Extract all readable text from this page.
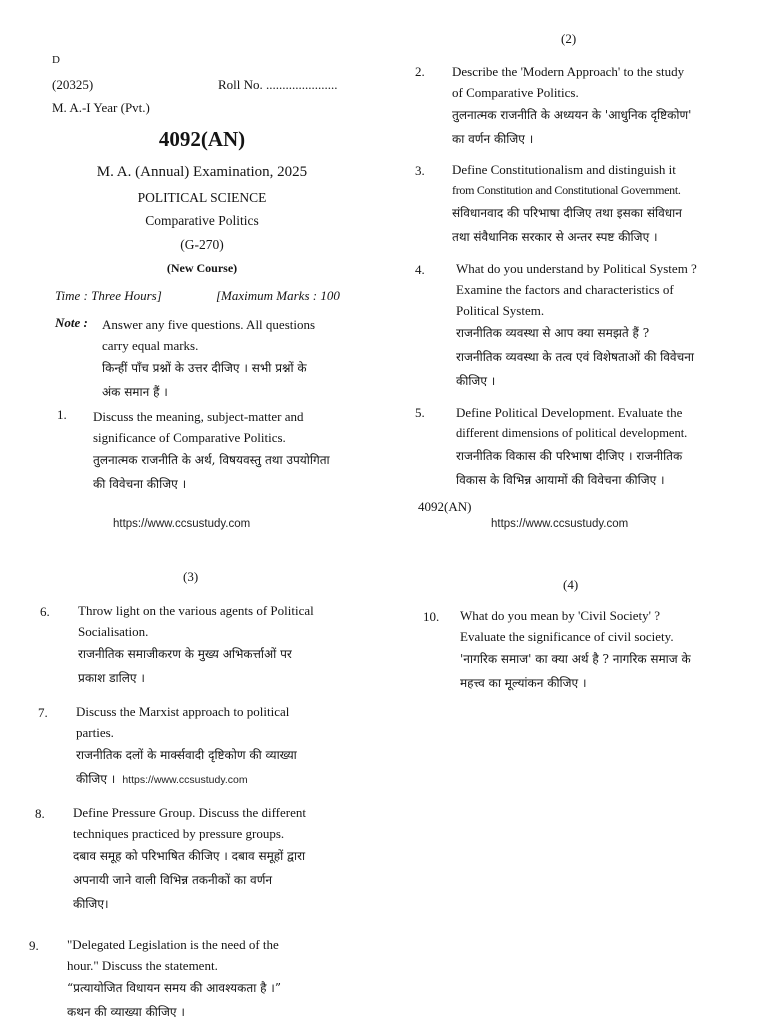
D
(20325)	Roll No. ......................
M. A.-I Year (Pvt.)
4092(AN)
M. A. (Annual) Examination, 2025
POLITICAL SCIENCE
Comparative Politics
(G-270)
(New Course)
Time : Three Hours]	[Maximum Marks : 100
Note : Answer any five questions. All questions
carry equal marks.
किन्हीं पाँच प्रश्नों के उत्तर दीजिए । सभी प्रश्नों के
अंक समान हैं ।
1. Discuss the meaning, subject-matter and
significance of Comparative Politics.
तुलनात्मक राजनीति के अर्थ, विषयवस्तु तथा उपयोगिता
की विवेचना कीजिए ।
https://www.ccsustudy.com
(2)
2. Describe the 'Modern Approach' to the study
of Comparative Politics.
तुलनात्मक राजनीति के अध्ययन के 'आधुनिक दृष्टिकोण'
का वर्णन कीजिए ।
3. Define Constitutionalism and distinguish it
from Constitution and Constitutional Government.
संविधानवाद की परिभाषा दीजिए तथा इसका संविधान
तथा संवैधानिक सरकार से अन्तर स्पष्ट कीजिए ।
4. What do you understand by Political System ?
Examine the factors and characteristics of
Political System.
राजनीतिक व्यवस्था से आप क्या समझते हैं ?
राजनीतिक व्यवस्था के तत्व एवं विशेषताओं की विवेचना
कीजिए ।
5. Define Political Development. Evaluate the
different dimensions of political development.
राजनीतिक विकास की परिभाषा दीजिए । राजनीतिक
विकास के विभिन्न आयामों की विवेचना कीजिए ।
4092(AN)
https://www.ccsustudy.com
(3)
6. Throw light on the various agents of Political
Socialisation.
राजनीतिक समाजीकरण के मुख्य अभिकर्त्ताओं पर
प्रकाश डालिए ।
7. Discuss the Marxist approach to political
parties.
राजनीतिक दलों के मार्क्सवादी दृष्टिकोण की व्याख्या
कीजिए । https://www.ccsustudy.com
8. Define Pressure Group. Discuss the different
techniques practiced by pressure groups.
दबाव समूह को परिभाषित कीजिए । दबाव समूहों द्वारा
अपनायी जाने वाली विभिन्न तकनीकों का वर्णन
कीजिए।
9. "Delegated Legislation is the need of the
hour." Discuss the statement.
“प्रत्यायोजित विधायन समय की आवश्यकता है ।”
कथन की व्याख्या कीजिए ।
(4)
10. What do you mean by 'Civil Society' ?
Evaluate the significance of civil society.
'नागरिक समाज' का क्या अर्थ है ? नागरिक समाज के
महत्त्व का मूल्यांकन कीजिए ।
